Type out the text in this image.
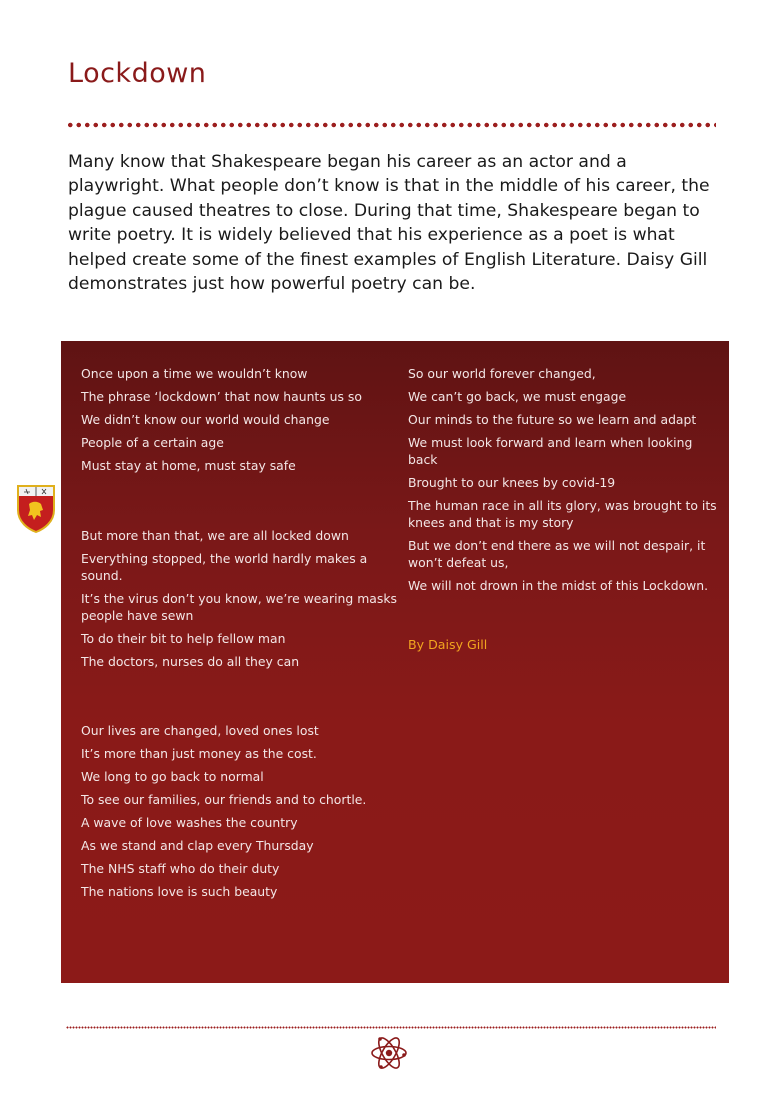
Lockdown

Many know that Shakespeare began his career as an actor and a playwright. What people don’t know is that in the middle of his career, the plague caused theatres to close. During that time, Shakespeare began to write poetry. It is widely believed that his experience as a poet is what helped create some of the finest examples of English Literature. Daisy Gill demonstrates just how powerful poetry can be.

Once upon a time we wouldn’t know
The phrase ‘lockdown’ that now haunts us so
We didn’t know our world would change
People of a certain age
Must stay at home, must stay safe
But more than that, we are all locked down
Everything stopped, the world hardly makes a sound.
It’s the virus don’t you know, we’re wearing masks people have sewn
To do their bit to help fellow man
The doctors, nurses do all they can
Our lives are changed, loved ones lost
It’s more than just money as the cost.
We long to go back to normal
To see our families, our friends and to chortle.
A wave of love washes the country
As we stand and clap every Thursday
The NHS staff who do their duty
The nations love is such beauty
So our world forever changed,
We can’t go back, we must engage
Our minds to the future so we learn and adapt
We must look forward and learn when looking back
Brought to our knees by covid-19
The human race in all its glory, was brought to its knees and that is my story
But we don’t end there as we will not despair, it won’t defeat us,
We will not drown in the midst of this Lockdown.
By Daisy Gill
